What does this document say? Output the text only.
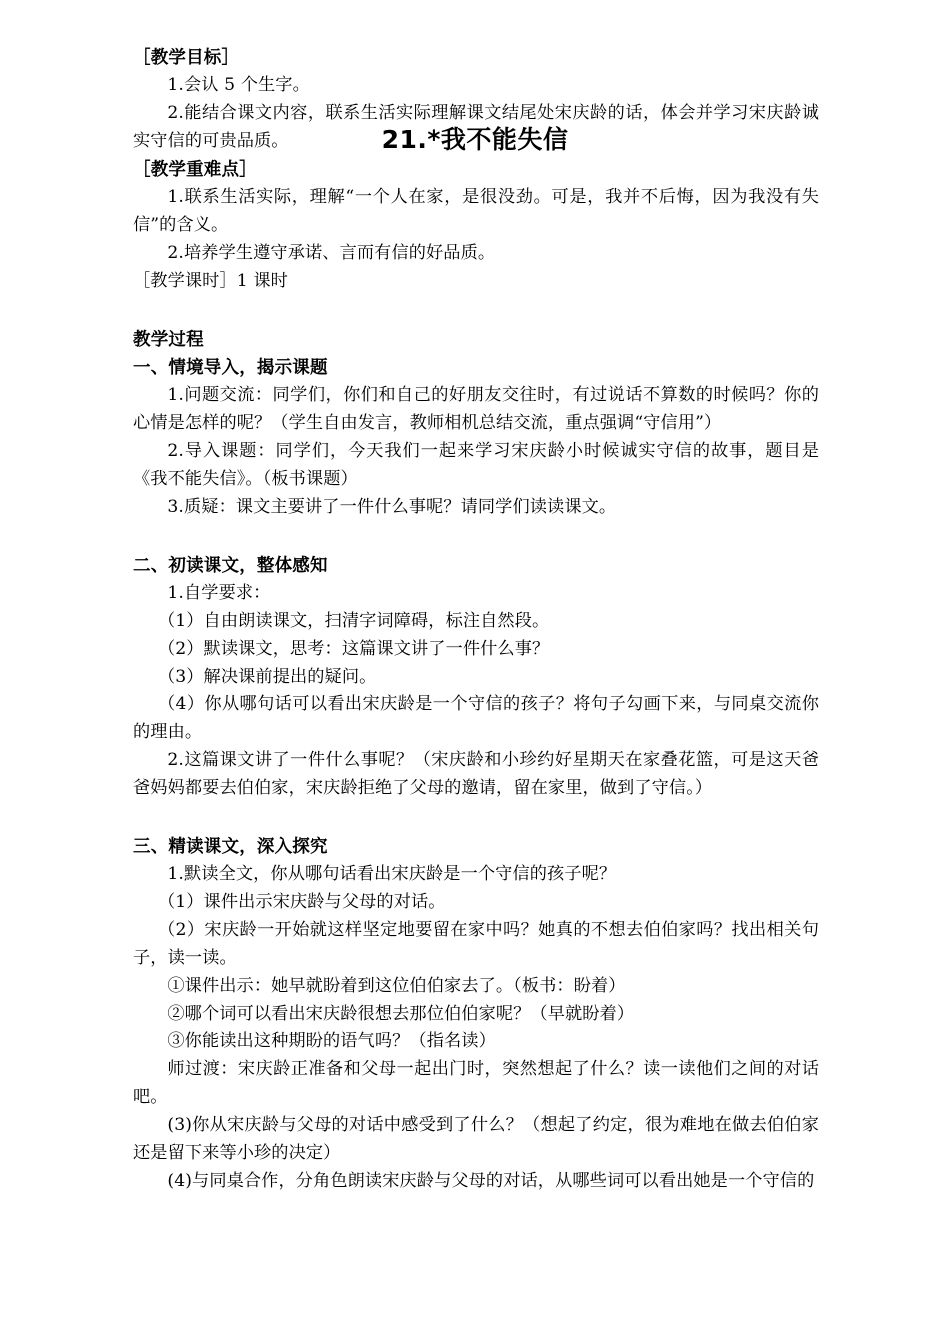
21.*我不能失信

［教学目标］

1.会认 5 个生字。

2.能结合课文内容，联系生活实际理解课文结尾处宋庆龄的话，体会并学习宋庆龄诚实守信的可贵品质。

［教学重难点］

1.联系生活实际，理解“一个人在家，是很没劲。可是，我并不后悔，因为我没有失信”的含义。

2.培养学生遵守承诺、言而有信的好品质。

［教学课时］1 课时

教学过程

一、情境导入，揭示课题

1.问题交流：同学们，你们和自己的好朋友交往时，有过说话不算数的时候吗？你的心情是怎样的呢？（学生自由发言，教师相机总结交流，重点强调“守信用”）

2.导入课题：同学们，今天我们一起来学习宋庆龄小时候诚实守信的故事，题目是《我不能失信》。（板书课题）

3.质疑：课文主要讲了一件什么事呢？请同学们读读课文。

二、初读课文，整体感知

1.自学要求：

（1）自由朗读课文，扫清字词障碍，标注自然段。

（2）默读课文，思考：这篇课文讲了一件什么事？

（3）解决课前提出的疑问。

（4）你从哪句话可以看出宋庆龄是一个守信的孩子？将句子勾画下来，与同桌交流你的理由。

2.这篇课文讲了一件什么事呢？（宋庆龄和小珍约好星期天在家叠花篮，可是这天爸爸妈妈都要去伯伯家，宋庆龄拒绝了父母的邀请，留在家里，做到了守信。）

三、精读课文，深入探究

1.默读全文，你从哪句话看出宋庆龄是一个守信的孩子呢？

（1）课件出示宋庆龄与父母的对话。

（2）宋庆龄一开始就这样坚定地要留在家中吗？她真的不想去伯伯家吗？找出相关句子，读一读。

①课件出示：她早就盼着到这位伯伯家去了。（板书：盼着）

②哪个词可以看出宋庆龄很想去那位伯伯家呢？（早就盼着）

③你能读出这种期盼的语气吗？（指名读）

师过渡：宋庆龄正准备和父母一起出门时，突然想起了什么？读一读他们之间的对话吧。

(3)你从宋庆龄与父母的对话中感受到了什么？（想起了约定，很为难地在做去伯伯家还是留下来等小珍的决定）

(4)与同桌合作，分角色朗读宋庆龄与父母的对话，从哪些词可以看出她是一个守信的
